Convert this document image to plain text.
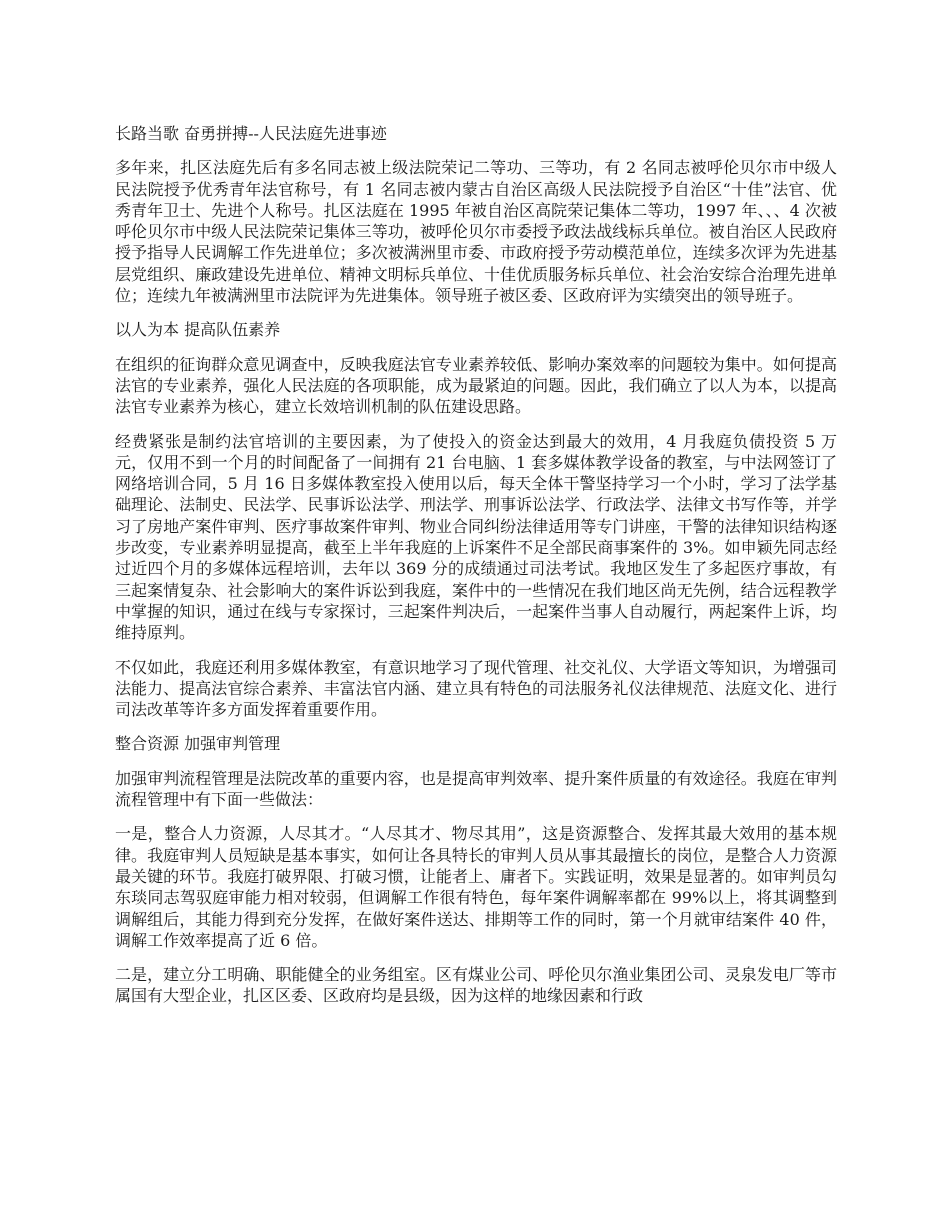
长路当歌 奋勇拼搏--人民法庭先进事迹

多年来，扎区法庭先后有多名同志被上级法院荣记二等功、三等功，有 2 名同志被呼伦贝尔市中级人民法院授予优秀青年法官称号，有 1 名同志被内蒙古自治区高级人民法院授予自治区“十佳”法官、优秀青年卫士、先进个人称号。扎区法庭在 1995 年被自治区高院荣记集体二等功，1997 年、、、4 次被呼伦贝尔市中级人民法院荣记集体三等功，被呼伦贝尔市委授予政法战线标兵单位。被自治区人民政府授予指导人民调解工作先进单位；多次被满洲里市委、市政府授予劳动模范单位，连续多次评为先进基层党组织、廉政建设先进单位、精神文明标兵单位、十佳优质服务标兵单位、社会治安综合治理先进单位；连续九年被满洲里市法院评为先进集体。领导班子被区委、区政府评为实绩突出的领导班子。

以人为本 提高队伍素养

在组织的征询群众意见调查中，反映我庭法官专业素养较低、影响办案效率的问题较为集中。如何提高法官的专业素养，强化人民法庭的各项职能，成为最紧迫的问题。因此，我们确立了以人为本，以提高法官专业素养为核心，建立长效培训机制的队伍建设思路。

经费紧张是制约法官培训的主要因素，为了使投入的资金达到最大的效用，4 月我庭负债投资 5 万元，仅用不到一个月的时间配备了一间拥有 21 台电脑、1 套多媒体教学设备的教室，与中法网签订了网络培训合同，5 月 16 日多媒体教室投入使用以后，每天全体干警坚持学习一个小时，学习了法学基础理论、法制史、民法学、民事诉讼法学、刑法学、刑事诉讼法学、行政法学、法律文书写作等，并学习了房地产案件审判、医疗事故案件审判、物业合同纠纷法律适用等专门讲座，干警的法律知识结构逐步改变，专业素养明显提高，截至上半年我庭的上诉案件不足全部民商事案件的 3%。如申颖先同志经过近四个月的多媒体远程培训，去年以 369 分的成绩通过司法考试。我地区发生了多起医疗事故，有三起案情复杂、社会影响大的案件诉讼到我庭，案件中的一些情况在我们地区尚无先例，结合远程教学中掌握的知识，通过在线与专家探讨，三起案件判决后，一起案件当事人自动履行，两起案件上诉，均维持原判。

不仅如此，我庭还利用多媒体教室，有意识地学习了现代管理、社交礼仪、大学语文等知识，为增强司法能力、提高法官综合素养、丰富法官内涵、建立具有特色的司法服务礼仪法律规范、法庭文化、进行司法改革等许多方面发挥着重要作用。

整合资源 加强审判管理

加强审判流程管理是法院改革的重要内容，也是提高审判效率、提升案件质量的有效途径。我庭在审判流程管理中有下面一些做法：

一是，整合人力资源，人尽其才。“人尽其才、物尽其用”，这是资源整合、发挥其最大效用的基本规律。我庭审判人员短缺是基本事实，如何让各具特长的审判人员从事其最擅长的岗位，是整合人力资源最关键的环节。我庭打破界限、打破习惯，让能者上、庸者下。实践证明，效果是显著的。如审判员勾东琰同志驾驭庭审能力相对较弱，但调解工作很有特色，每年案件调解率都在 99%以上，将其调整到调解组后，其能力得到充分发挥，在做好案件送达、排期等工作的同时，第一个月就审结案件 40 件，调解工作效率提高了近 6 倍。

二是，建立分工明确、职能健全的业务组室。区有煤业公司、呼伦贝尔渔业集团公司、灵泉发电厂等市属国有大型企业，扎区区委、区政府均是县级，因为这样的地缘因素和行政
